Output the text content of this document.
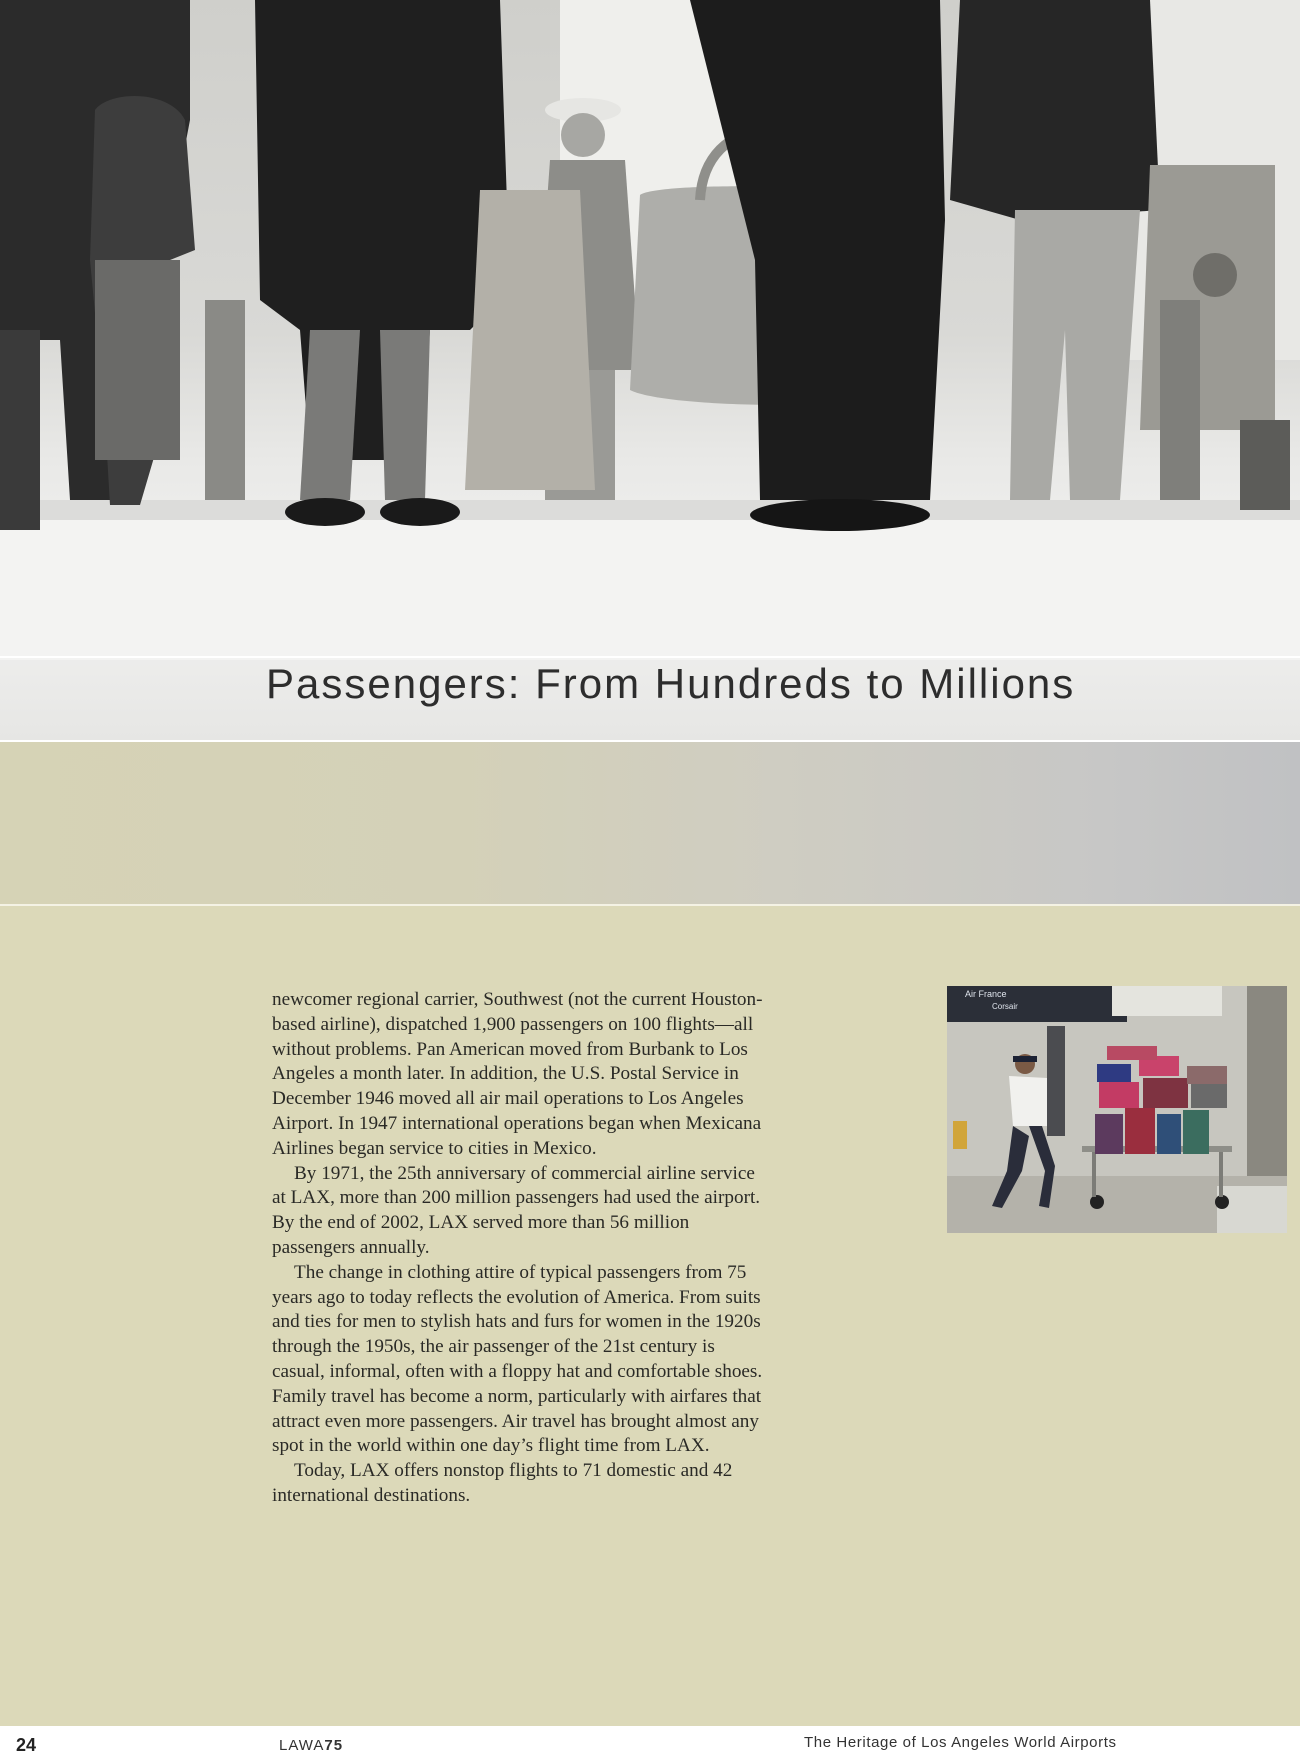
Passengers: From Hundreds to Millions

newcomer regional carrier, Southwest (not the current Houston-based airline), dispatched 1,900 passengers on 100 flights—all without problems. Pan American moved from Burbank to Los Angeles a month later. In addition, the U.S. Postal Service in December 1946 moved all air mail operations to Los Angeles Airport. In 1947 international operations began when Mexicana Airlines began service to cities in Mexico.

By 1971, the 25th anniversary of commercial airline service at LAX, more than 200 million passengers had used the airport. By the end of 2002, LAX served more than 56 million passengers annually.

The change in clothing attire of typical passengers from 75 years ago to today reflects the evolution of America. From suits and ties for men to stylish hats and furs for women in the 1920s through the 1950s, the air passenger of the 21st century is casual, informal, often with a floppy hat and comfortable shoes. Family travel has become a norm, particularly with airfares that attract even more passengers. Air travel has brought almost any spot in the world within one day’s flight time from LAX.

Today, LAX offers nonstop flights to 71 domestic and 42 international destinations.

Air France
Corsair
24	LAWA75	The Heritage of Los Angeles World Airports
